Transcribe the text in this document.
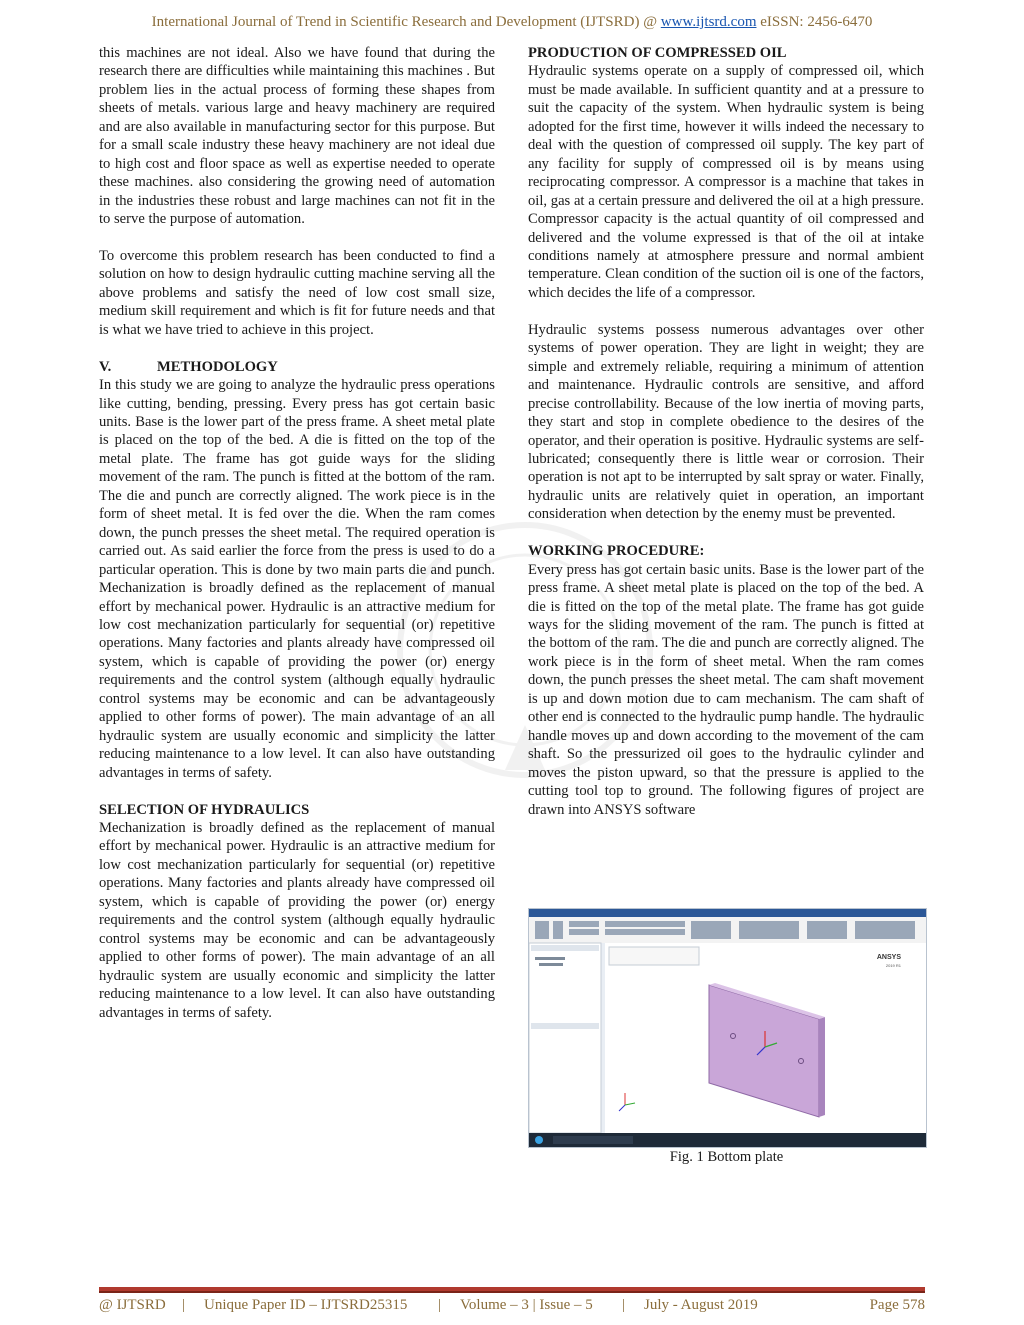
International Journal of Trend in Scientific Research and Development (IJTSRD) @ www.ijtsrd.com eISSN: 2456-6470

this machines are not ideal. Also we have found that during the research there are difficulties while maintaining this machines . But problem lies in the actual process of forming these shapes from sheets of metals. various large and heavy machinery are required and are also available in manufacturing sector for this purpose. But for a small scale industry these heavy machinery are not ideal due to high cost and floor space as well as expertise needed to operate these machines. also considering the growing need of automation in the industries these robust and large machines can not fit in the to serve the purpose of automation.

To overcome this problem research has been conducted to find a solution on how to design hydraulic cutting machine serving all the above problems and satisfy the need of low cost small size, medium skill requirement and which is fit for future needs and that is what we have tried to achieve in this project.

V.	METHODOLOGY

In this study we are going to analyze the hydraulic press operations like cutting, bending, pressing. Every press has got certain basic units. Base is the lower part of the press frame. A sheet metal plate is placed on the top of the bed. A die is fitted on the top of the metal plate. The frame has got guide ways for the sliding movement of the ram. The punch is fitted at the bottom of the ram. The die and punch are correctly aligned. The work piece is in the form of sheet metal. It is fed over the die. When the ram comes down, the punch presses the sheet metal. The required operation is carried out. As said earlier the force from the press is used to do a particular operation. This is done by two main parts die and punch. Mechanization is broadly defined as the replacement of manual effort by mechanical power. Hydraulic is an attractive medium for low cost mechanization particularly for sequential (or) repetitive operations. Many factories and plants already have compressed oil system, which is capable of providing the power (or) energy requirements and the control system (although equally hydraulic control systems may be economic and can be advantageously applied to other forms of power). The main advantage of an all hydraulic system are usually economic and simplicity the latter reducing maintenance to a low level. It can also have outstanding advantages in terms of safety.

SELECTION OF HYDRAULICS

Mechanization is broadly defined as the replacement of manual effort by mechanical power. Hydraulic is an attractive medium for low cost mechanization particularly for sequential (or) repetitive operations. Many factories and plants already have compressed oil system, which is capable of providing the power (or) energy requirements and the control system (although equally hydraulic control systems may be economic and can be advantageously applied to other forms of power). The main advantage of an all hydraulic system are usually economic and simplicity the latter reducing maintenance to a low level. It can also have outstanding advantages in terms of safety.

PRODUCTION OF COMPRESSED OIL

Hydraulic systems operate on a supply of compressed oil, which must be made available. In sufficient quantity and at a pressure to suit the capacity of the system. When hydraulic system is being adopted for the first time, however it wills indeed the necessary to deal with the question of compressed oil supply. The key part of any facility for supply of compressed oil is by means using reciprocating compressor. A compressor is a machine that takes in oil, gas at a certain pressure and delivered the oil at a high pressure. Compressor capacity is the actual quantity of oil compressed and delivered and the volume expressed is that of the oil at intake conditions namely at atmosphere pressure and normal ambient temperature. Clean condition of the suction oil is one of the factors, which decides the life of a compressor.

Hydraulic systems possess numerous advantages over other systems of power operation. They are light in weight; they are simple and extremely reliable, requiring a minimum of attention and maintenance. Hydraulic controls are sensitive, and afford precise controllability. Because of the low inertia of moving parts, they start and stop in complete obedience to the desires of the operator, and their operation is positive. Hydraulic systems are self-lubricated; consequently there is little wear or corrosion. Their operation is not apt to be interrupted by salt spray or water. Finally, hydraulic units are relatively quiet in operation, an important consideration when detection by the enemy must be prevented.

WORKING PROCEDURE:

Every press has got certain basic units. Base is the lower part of the press frame. A sheet metal plate is placed on the top of the bed. A die is fitted on the top of the metal plate. The frame has got guide ways for the sliding movement of the ram. The punch is fitted at the bottom of the ram. The die and punch are correctly aligned. The work piece is in the form of sheet metal. When the ram comes down, the punch presses the sheet metal. The cam shaft movement is up and down motion due to cam mechanism. The cam shaft of other end is connected to the hydraulic pump handle. The hydraulic handle moves up and down according to the movement of the cam shaft. So the pressurized oil goes to the hydraulic cylinder and moves the piston upward, so that the pressure is applied to the cutting tool top to ground. The following figures of project are drawn into ANSYS software

ANSYS
2019 R1
Fig. 1 Bottom plate
@ IJTSRD | Unique Paper ID – IJTSRD25315 | Volume – 3 | Issue – 5 | July - August 2019	Page 578
